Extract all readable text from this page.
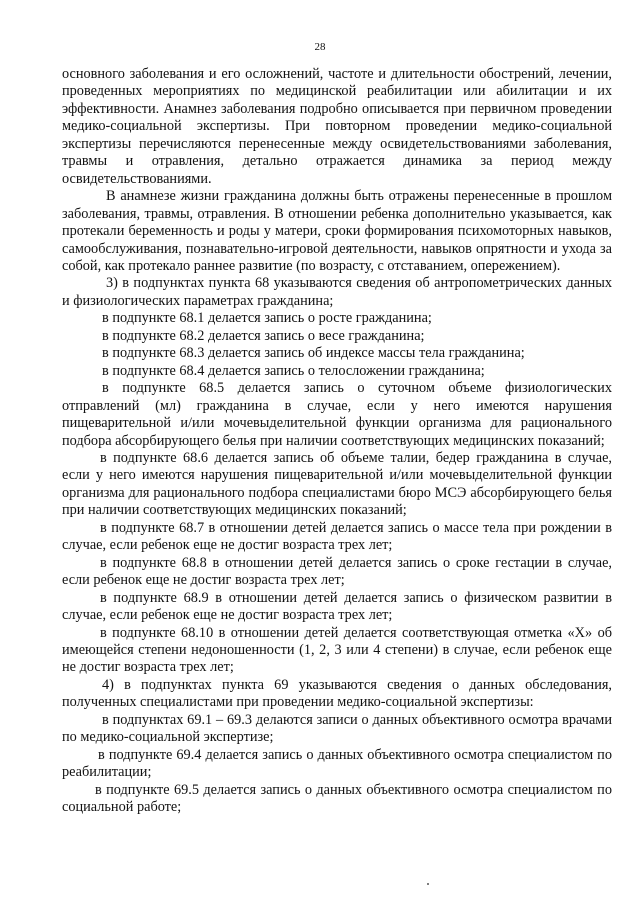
28

основного заболевания и его осложнений, частоте и длительности обострений, лечении, проведенных мероприятиях по медицинской реабилитации или абилитации и их эффективности. Анамнез заболевания подробно описывается при первичном проведении медико-социальной экспертизы. При повторном проведении медико-социальной экспертизы перечисляются перенесенные между освидетельствованиями заболевания, травмы и отравления, детально отражается динамика за период между освидетельствованиями.

В анамнезе жизни гражданина должны быть отражены перенесенные в прошлом заболевания, травмы, отравления. В отношении ребенка дополнительно указывается, как протекали беременность и роды у матери, сроки формирования психомоторных навыков, самообслуживания, познавательно-игровой деятельности, навыков опрятности и ухода за собой, как протекало раннее развитие (по возрасту, с отставанием, опережением).

3) в подпунктах пункта 68 указываются сведения об антропометрических данных и физиологических параметрах гражданина;

в подпункте 68.1 делается запись о росте гражданина;

в подпункте 68.2 делается запись о весе гражданина;

в подпункте 68.3 делается запись об индексе массы тела гражданина;

в подпункте 68.4 делается запись о телосложении гражданина;

в подпункте 68.5 делается запись о суточном объеме физиологических отправлений (мл) гражданина в случае, если у него имеются нарушения пищеварительной и/или мочевыделительной функции организма для рационального подбора абсорбирующего белья при наличии соответствующих медицинских показаний;

в подпункте 68.6 делается запись об объеме талии, бедер гражданина в случае, если у него имеются нарушения пищеварительной и/или мочевыделительной функции организма для рационального подбора специалистами бюро МСЭ абсорбирующего белья при наличии соответствующих медицинских показаний;

в подпункте 68.7 в отношении детей делается запись о массе тела при рождении в случае, если ребенок еще не достиг возраста трех лет;

в подпункте 68.8 в отношении детей делается запись о сроке гестации в случае, если ребенок еще не достиг возраста трех лет;

в подпункте 68.9 в отношении детей делается запись о физическом развитии в случае, если ребенок еще не достиг возраста трех лет;

в подпункте 68.10 в отношении детей делается соответствующая отметка «Х» об имеющейся степени недоношенности (1, 2, 3 или 4 степени) в случае, если ребенок еще не достиг возраста трех лет;

4) в подпунктах пункта 69 указываются сведения о данных обследования, полученных специалистами при проведении медико-социальной экспертизы:

в подпунктах 69.1 – 69.3 делаются записи о данных объективного осмотра врачами по медико-социальной экспертизе;

в подпункте 69.4 делается запись о данных объективного осмотра специалистом по реабилитации;

в подпункте 69.5 делается запись о данных объективного осмотра специалистом по социальной работе;
